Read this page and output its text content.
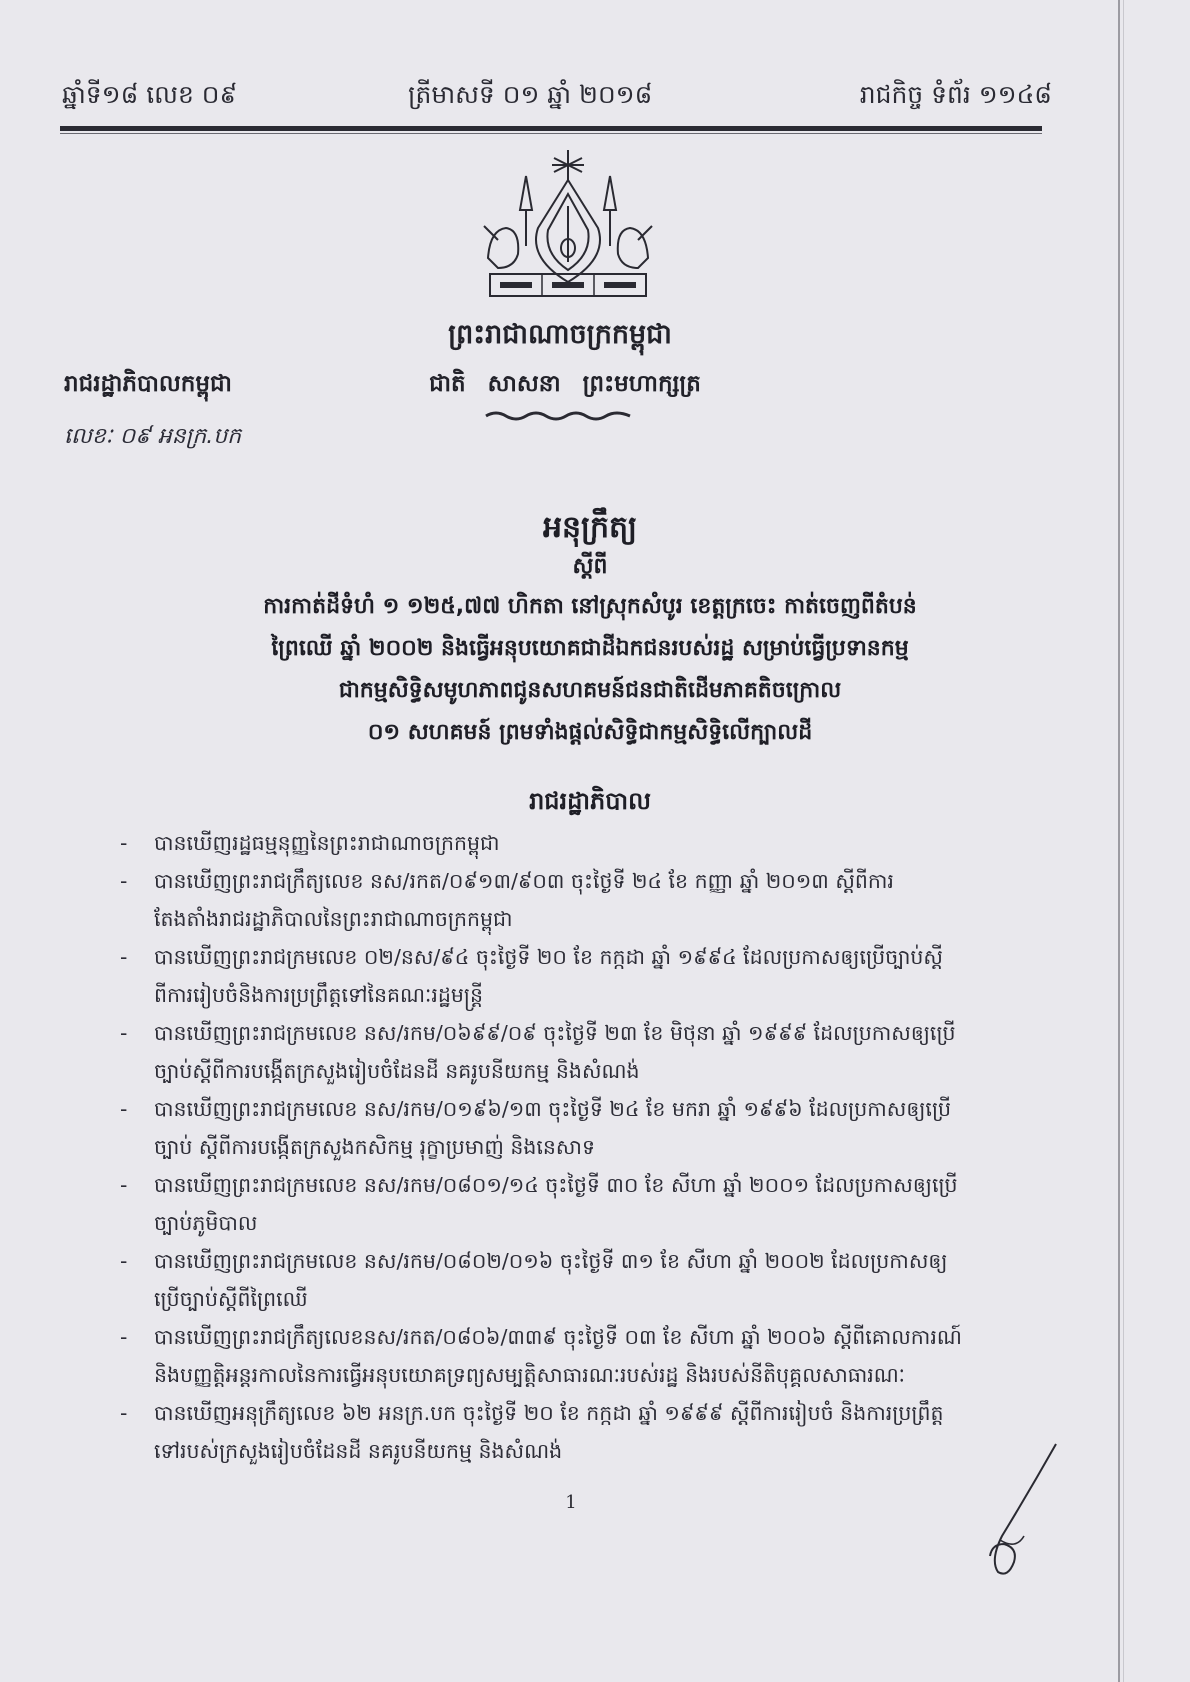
ឆ្នាំទី១៨ លេខ ០៩	ត្រីមាសទី ០១ ឆ្នាំ ២០១៨	រាជកិច្ច ទំព័រ ១១៤៨
ព្រះរាជាណាចក្រកម្ពុជា
ជាតិ សាសនា ព្រះមហាក្សត្រ
រាជរដ្ឋាភិបាលកម្ពុជា
លេខៈ ០៩ អនក្រ.បក
អនុក្រឹត្យ
ស្តីពី
ការកាត់ដីទំហំ ១ ១២៥,៧៧ ហិកតា នៅស្រុកសំបូរ ខេត្តក្រចេះ កាត់ចេញពីតំបន់
ព្រៃឈើ ឆ្នាំ ២០០២ និងធ្វើអនុបយោគជាដីឯកជនរបស់រដ្ឋ សម្រាប់ធ្វើប្រទានកម្ម
ជាកម្មសិទ្ធិសមូហភាពជូនសហគមន៍ជនជាតិដើមភាគតិចក្រោល
០១ សហគមន៍ ព្រមទាំងផ្តល់សិទ្ធិជាកម្មសិទ្ធិលើក្បាលដី
រាជរដ្ឋាភិបាល
- បានឃើញរដ្ឋធម្មនុញ្ញនៃព្រះរាជាណាចក្រកម្ពុជា
- បានឃើញព្រះរាជក្រឹត្យលេខ នស/រកត/០៩១៣/៩០៣ ចុះថ្ងៃទី ២៤ ខែ កញ្ញា ឆ្នាំ ២០១៣ ស្តីពីការ
តែងតាំងរាជរដ្ឋាភិបាលនៃព្រះរាជាណាចក្រកម្ពុជា
- បានឃើញព្រះរាជក្រមលេខ ០២/នស/៩៤ ចុះថ្ងៃទី ២០ ខែ កក្កដា ឆ្នាំ ១៩៩៤ ដែលប្រកាសឲ្យប្រើច្បាប់ស្តី
ពីការរៀបចំនិងការប្រព្រឹត្តទៅនៃគណៈរដ្ឋមន្ត្រី
- បានឃើញព្រះរាជក្រមលេខ នស/រកម/០៦៩៩/០៩ ចុះថ្ងៃទី ២៣ ខែ មិថុនា ឆ្នាំ ១៩៩៩ ដែលប្រកាសឲ្យប្រើ
ច្បាប់ស្តីពីការបង្កើតក្រសួងរៀបចំដែនដី នគរូបនីយកម្ម និងសំណង់
- បានឃើញព្រះរាជក្រមលេខ នស/រកម/០១៩៦/១៣ ចុះថ្ងៃទី ២៤ ខែ មករា ឆ្នាំ ១៩៩៦ ដែលប្រកាសឲ្យប្រើ
ច្បាប់ ស្តីពីការបង្កើតក្រសួងកសិកម្ម រុក្ខាប្រមាញ់ និងនេសាទ
- បានឃើញព្រះរាជក្រមលេខ នស/រកម/០៨០១/១៤ ចុះថ្ងៃទី ៣០ ខែ សីហា ឆ្នាំ ២០០១ ដែលប្រកាសឲ្យប្រើ
ច្បាប់ភូមិបាល
- បានឃើញព្រះរាជក្រមលេខ នស/រកម/០៨០២/០១៦ ចុះថ្ងៃទី ៣១ ខែ សីហា ឆ្នាំ ២០០២ ដែលប្រកាសឲ្យ
ប្រើច្បាប់ស្តីពីព្រៃឈើ
- បានឃើញព្រះរាជក្រឹត្យលេខនស/រកត/០៨០៦/៣៣៩ ចុះថ្ងៃទី ០៣ ខែ សីហា ឆ្នាំ ២០០៦ ស្តីពីគោលការណ៍
និងបញ្ញត្តិអន្តរកាលនៃការធ្វើអនុបយោគទ្រព្យសម្បត្តិសាធារណៈរបស់រដ្ឋ និងរបស់នីតិបុគ្គលសាធារណៈ
- បានឃើញអនុក្រឹត្យលេខ ៦២ អនក្រ.បក ចុះថ្ងៃទី ២០ ខែ កក្កដា ឆ្នាំ ១៩៩៩ ស្តីពីការរៀបចំ និងការប្រព្រឹត្ត
ទៅរបស់ក្រសួងរៀបចំដែនដី នគរូបនីយកម្ម និងសំណង់
1
